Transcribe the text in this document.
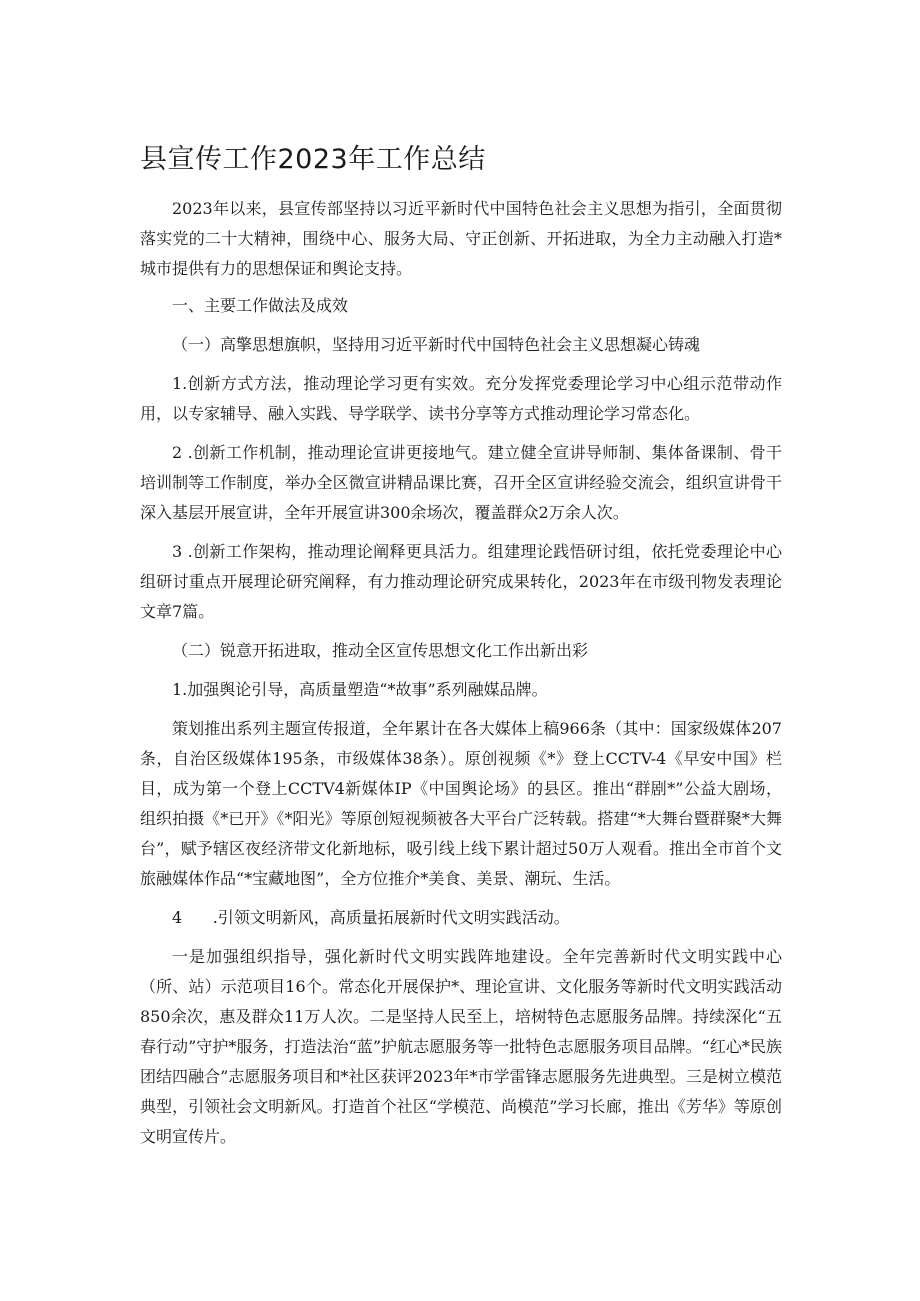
县宣传工作2023年工作总结

2023年以来，县宣传部坚持以习近平新时代中国特色社会主义思想为指引，全面贯彻落实党的二十大精神，围绕中心、服务大局、守正创新、开拓进取，为全力主动融入打造*城市提供有力的思想保证和舆论支持。

一、主要工作做法及成效

（一）高擎思想旗帜，坚持用习近平新时代中国特色社会主义思想凝心铸魂

1.创新方式方法，推动理论学习更有实效。充分发挥党委理论学习中心组示范带动作用，以专家辅导、融入实践、导学联学、读书分享等方式推动理论学习常态化。

2 .创新工作机制，推动理论宣讲更接地气。建立健全宣讲导师制、集体备课制、骨干培训制等工作制度，举办全区微宣讲精品课比赛，召开全区宣讲经验交流会，组织宣讲骨干深入基层开展宣讲，全年开展宣讲300余场次，覆盖群众2万余人次。

3 .创新工作架构，推动理论阐释更具活力。组建理论践悟研讨组，依托党委理论中心组研讨重点开展理论研究阐释，有力推动理论研究成果转化，2023年在市级刊物发表理论文章7篇。

（二）锐意开拓进取，推动全区宣传思想文化工作出新出彩

1.加强舆论引导，高质量塑造“*故事”系列融媒品牌。

策划推出系列主题宣传报道，全年累计在各大媒体上稿966条（其中：国家级媒体207条，自治区级媒体195条，市级媒体38条）。原创视频《*》登上CCTV-4《早安中国》栏目，成为第一个登上CCTV4新媒体IP《中国舆论场》的县区。推出“群剧*”公益大剧场，组织拍摄《*已开》《*阳光》等原创短视频被各大平台广泛转载。搭建“*大舞台暨群聚*大舞台”，赋予辖区夜经济带文化新地标，吸引线上线下累计超过50万人观看。推出全市首个文旅融媒体作品“*宝藏地图”，全方位推介*美食、美景、潮玩、生活。

4      .引领文明新风，高质量拓展新时代文明实践活动。

一是加强组织指导，强化新时代文明实践阵地建设。全年完善新时代文明实践中心（所、站）示范项目16个。常态化开展保护*、理论宣讲、文化服务等新时代文明实践活动850余次，惠及群众11万人次。二是坚持人民至上，培树特色志愿服务品牌。持续深化“五春行动”守护*服务，打造法治“蓝”护航志愿服务等一批特色志愿服务项目品牌。“红心*民族团结四融合”志愿服务项目和*社区获评2023年*市学雷锋志愿服务先进典型。三是树立模范典型，引领社会文明新风。打造首个社区“学模范、尚模范”学习长廊，推出《芳华》等原创文明宣传片。
